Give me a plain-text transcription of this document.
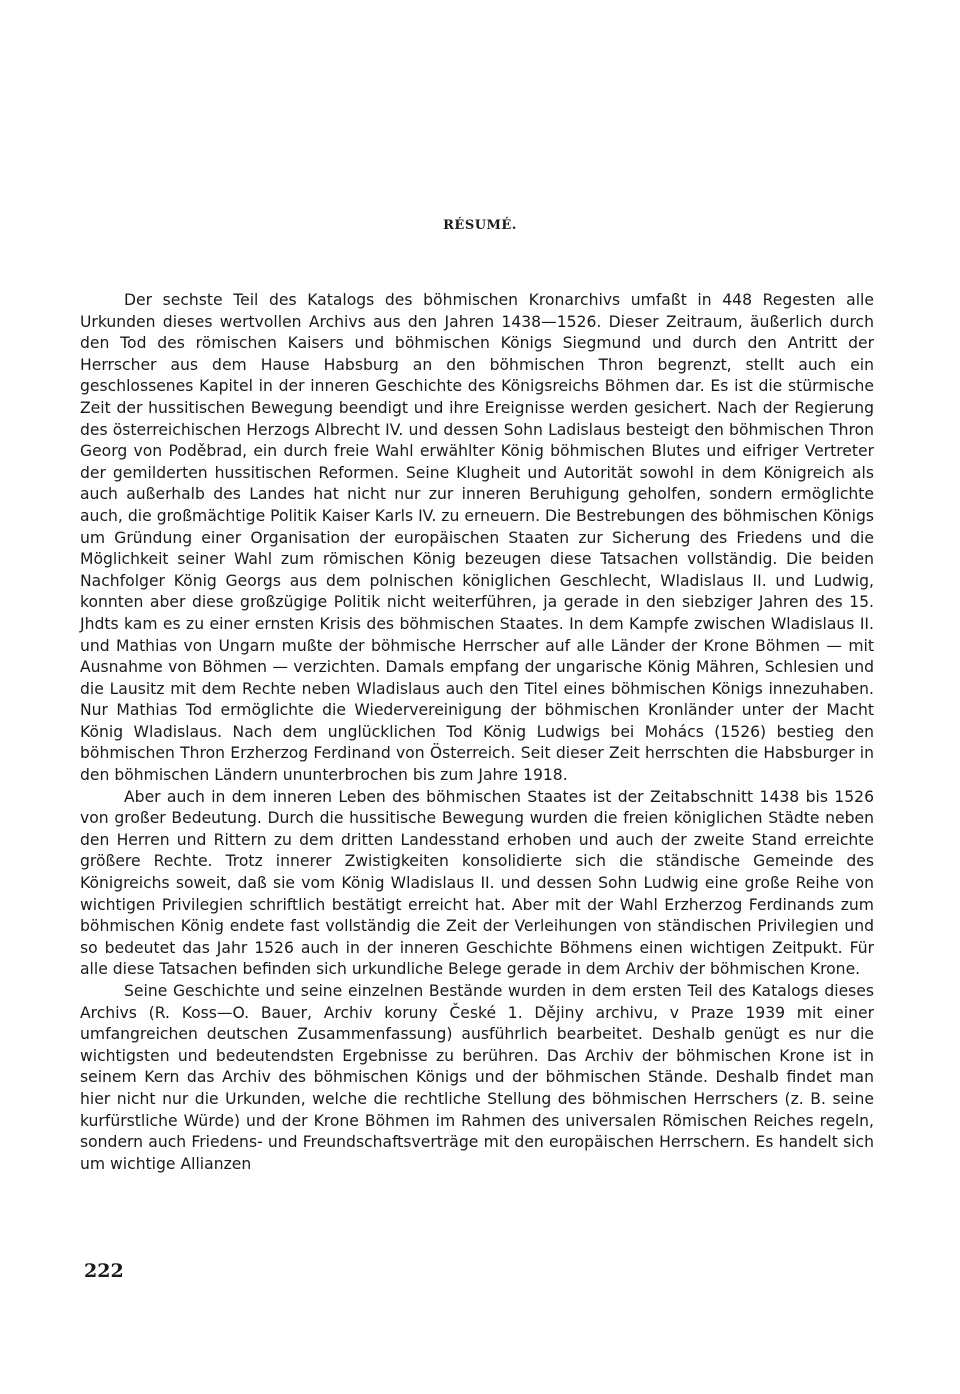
RÉSUMÉ.

Der sechste Teil des Katalogs des böhmischen Kronarchivs umfaßt in 448 Regesten alle Urkunden dieses wertvollen Archivs aus den Jahren 1438—1526. Dieser Zeitraum, äußerlich durch den Tod des römischen Kaisers und böhmischen Königs Siegmund und durch den Antritt der Herrscher aus dem Hause Habsburg an den böhmischen Thron begrenzt, stellt auch ein geschlossenes Kapitel in der inneren Geschichte des Königsreichs Böhmen dar. Es ist die stürmische Zeit der hussitischen Bewegung beendigt und ihre Ereignisse werden gesichert. Nach der Regierung des österreichischen Herzogs Albrecht IV. und dessen Sohn Ladislaus besteigt den böhmischen Thron Georg von Poděbrad, ein durch freie Wahl erwählter König böhmischen Blutes und eifriger Vertreter der gemilderten hussitischen Reformen. Seine Klugheit und Autorität sowohl in dem Königreich als auch außerhalb des Landes hat nicht nur zur inneren Beruhigung geholfen, sondern ermöglichte auch, die großmächtige Politik Kaiser Karls IV. zu erneuern. Die Bestrebungen des böhmischen Königs um Gründung einer Organisation der europäischen Staaten zur Sicherung des Friedens und die Möglichkeit seiner Wahl zum römischen König bezeugen diese Tatsachen vollständig. Die beiden Nachfolger König Georgs aus dem polnischen königlichen Geschlecht, Wladislaus II. und Ludwig, konnten aber diese großzügige Politik nicht weiterführen, ja gerade in den siebziger Jahren des 15. Jhdts kam es zu einer ernsten Krisis des böhmischen Staates. In dem Kampfe zwischen Wladislaus II. und Mathias von Ungarn mußte der böhmische Herrscher auf alle Länder der Krone Böhmen — mit Ausnahme von Böhmen — verzichten. Damals empfang der ungarische König Mähren, Schlesien und die Lausitz mit dem Rechte neben Wladislaus auch den Titel eines böhmischen Königs innezuhaben. Nur Mathias Tod ermöglichte die Wiedervereinigung der böhmischen Kronländer unter der Macht König Wladislaus. Nach dem unglücklichen Tod König Ludwigs bei Mohács (1526) bestieg den böhmischen Thron Erzherzog Ferdinand von Österreich. Seit dieser Zeit herrschten die Habsburger in den böhmischen Ländern ununterbrochen bis zum Jahre 1918.

Aber auch in dem inneren Leben des böhmischen Staates ist der Zeitabschnitt 1438 bis 1526 von großer Bedeutung. Durch die hussitische Bewegung wurden die freien königlichen Städte neben den Herren und Rittern zu dem dritten Landesstand erhoben und auch der zweite Stand erreichte größere Rechte. Trotz innerer Zwistigkeiten konsolidierte sich die ständische Gemeinde des Königreichs soweit, daß sie vom König Wladislaus II. und dessen Sohn Ludwig eine große Reihe von wichtigen Privilegien schriftlich bestätigt erreicht hat. Aber mit der Wahl Erzherzog Ferdinands zum böhmischen König endete fast vollständig die Zeit der Verleihungen von ständischen Privilegien und so bedeutet das Jahr 1526 auch in der inneren Geschichte Böhmens einen wichtigen Zeitpukt. Für alle diese Tatsachen befinden sich urkundliche Belege gerade in dem Archiv der böhmischen Krone.

Seine Geschichte und seine einzelnen Bestände wurden in dem ersten Teil des Katalogs dieses Archivs (R. Koss—O. Bauer, Archiv koruny České 1. Dějiny archivu, v Praze 1939 mit einer umfangreichen deutschen Zusammenfassung) ausführlich bearbeitet. Deshalb genügt es nur die wichtigsten und bedeutendsten Ergebnisse zu berühren. Das Archiv der böhmischen Krone ist in seinem Kern das Archiv des böhmischen Königs und der böhmischen Stände. Deshalb findet man hier nicht nur die Urkunden, welche die rechtliche Stellung des böhmischen Herrschers (z. B. seine kurfürstliche Würde) und der Krone Böhmen im Rahmen des universalen Römischen Reiches regeln, sondern auch Friedens- und Freundschaftsverträge mit den europäischen Herrschern. Es handelt sich um wichtige Allianzen

222
